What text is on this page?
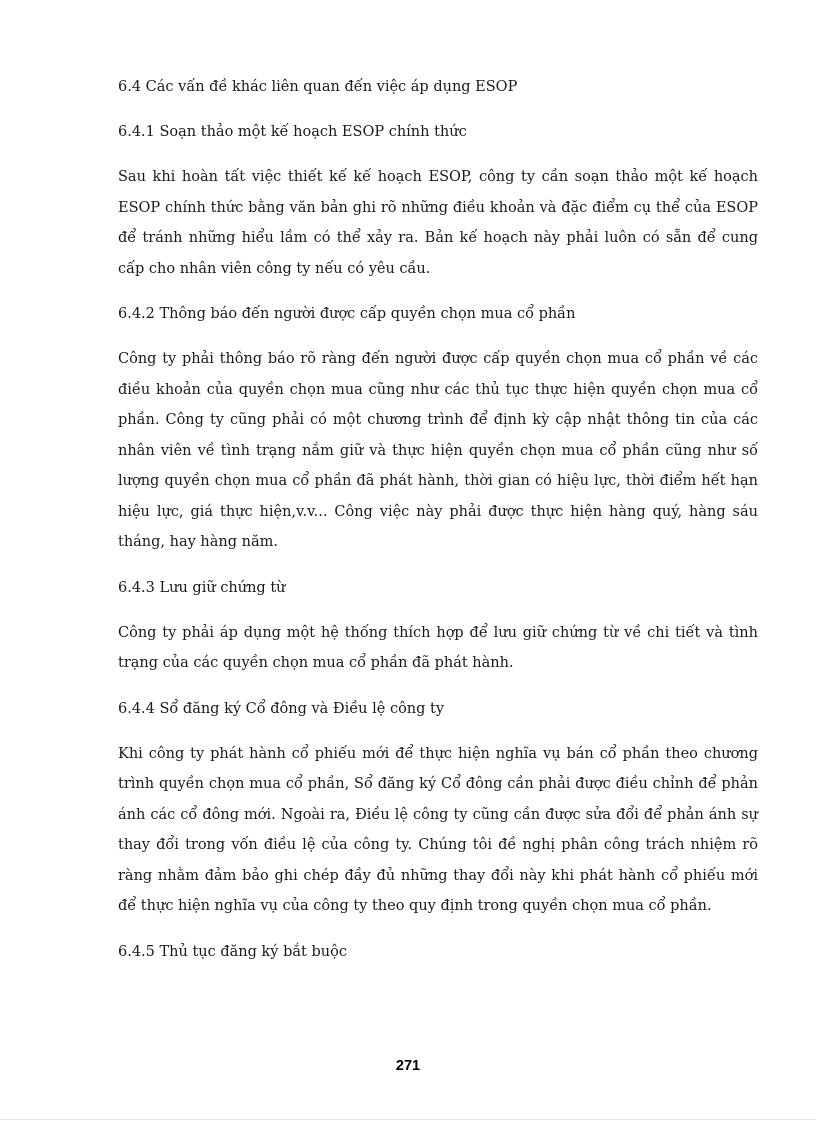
6.4 Các vấn đề khác liên quan đến việc áp dụng ESOP
6.4.1 Soạn thảo một kế hoạch ESOP chính thức
Sau khi hoàn tất việc thiết kế kế hoạch ESOP, công ty cần soạn thảo một kế hoạch ESOP chính thức bằng văn bản ghi rõ những điều khoản và đặc điểm cụ thể của ESOP để tránh những hiểu lầm có thể xảy ra. Bản kế hoạch này phải luôn có sẵn để cung cấp cho nhân viên công ty nếu có yêu cầu.
6.4.2 Thông báo đến người được cấp quyền chọn mua cổ phần
Công ty phải thông báo rõ ràng đến người được cấp quyền chọn mua cổ phần về các điều khoản của quyền chọn mua cũng như các thủ tục thực hiện quyền chọn mua cổ phần. Công ty cũng phải có một chương trình để định kỳ cập nhật thông tin của các nhân viên về tình trạng nắm giữ và thực hiện quyền chọn mua cổ phần cũng như số lượng quyền chọn mua cổ phần đã phát hành, thời gian có hiệu lực, thời điểm hết hạn hiệu lực, giá thực hiện,v.v... Công việc này phải được thực hiện hàng quý, hàng sáu tháng, hay hàng năm.
6.4.3 Lưu giữ chứng từ
Công ty phải áp dụng một hệ thống thích hợp để lưu giữ chứng từ về chi tiết và tình trạng của các quyền chọn mua cổ phần đã phát hành.
6.4.4 Sổ đăng ký Cổ đông và Điều lệ công ty
Khi công ty phát hành cổ phiếu mới để thực hiện nghĩa vụ bán cổ phần theo chương trình quyền chọn mua cổ phần, Sổ đăng ký Cổ đông cần phải được điều chỉnh để phản ánh các cổ đông mới. Ngoài ra, Điều lệ công ty cũng cần được sửa đổi để phản ánh sự thay đổi trong vốn điều lệ của công ty. Chúng tôi đề nghị phân công trách nhiệm rõ ràng nhằm đảm bảo ghi chép đầy đủ những thay đổi này khi phát hành cổ phiếu mới để thực hiện nghĩa vụ của công ty theo quy định trong quyền chọn mua cổ phần.
6.4.5 Thủ tục đăng ký bắt buộc
271
